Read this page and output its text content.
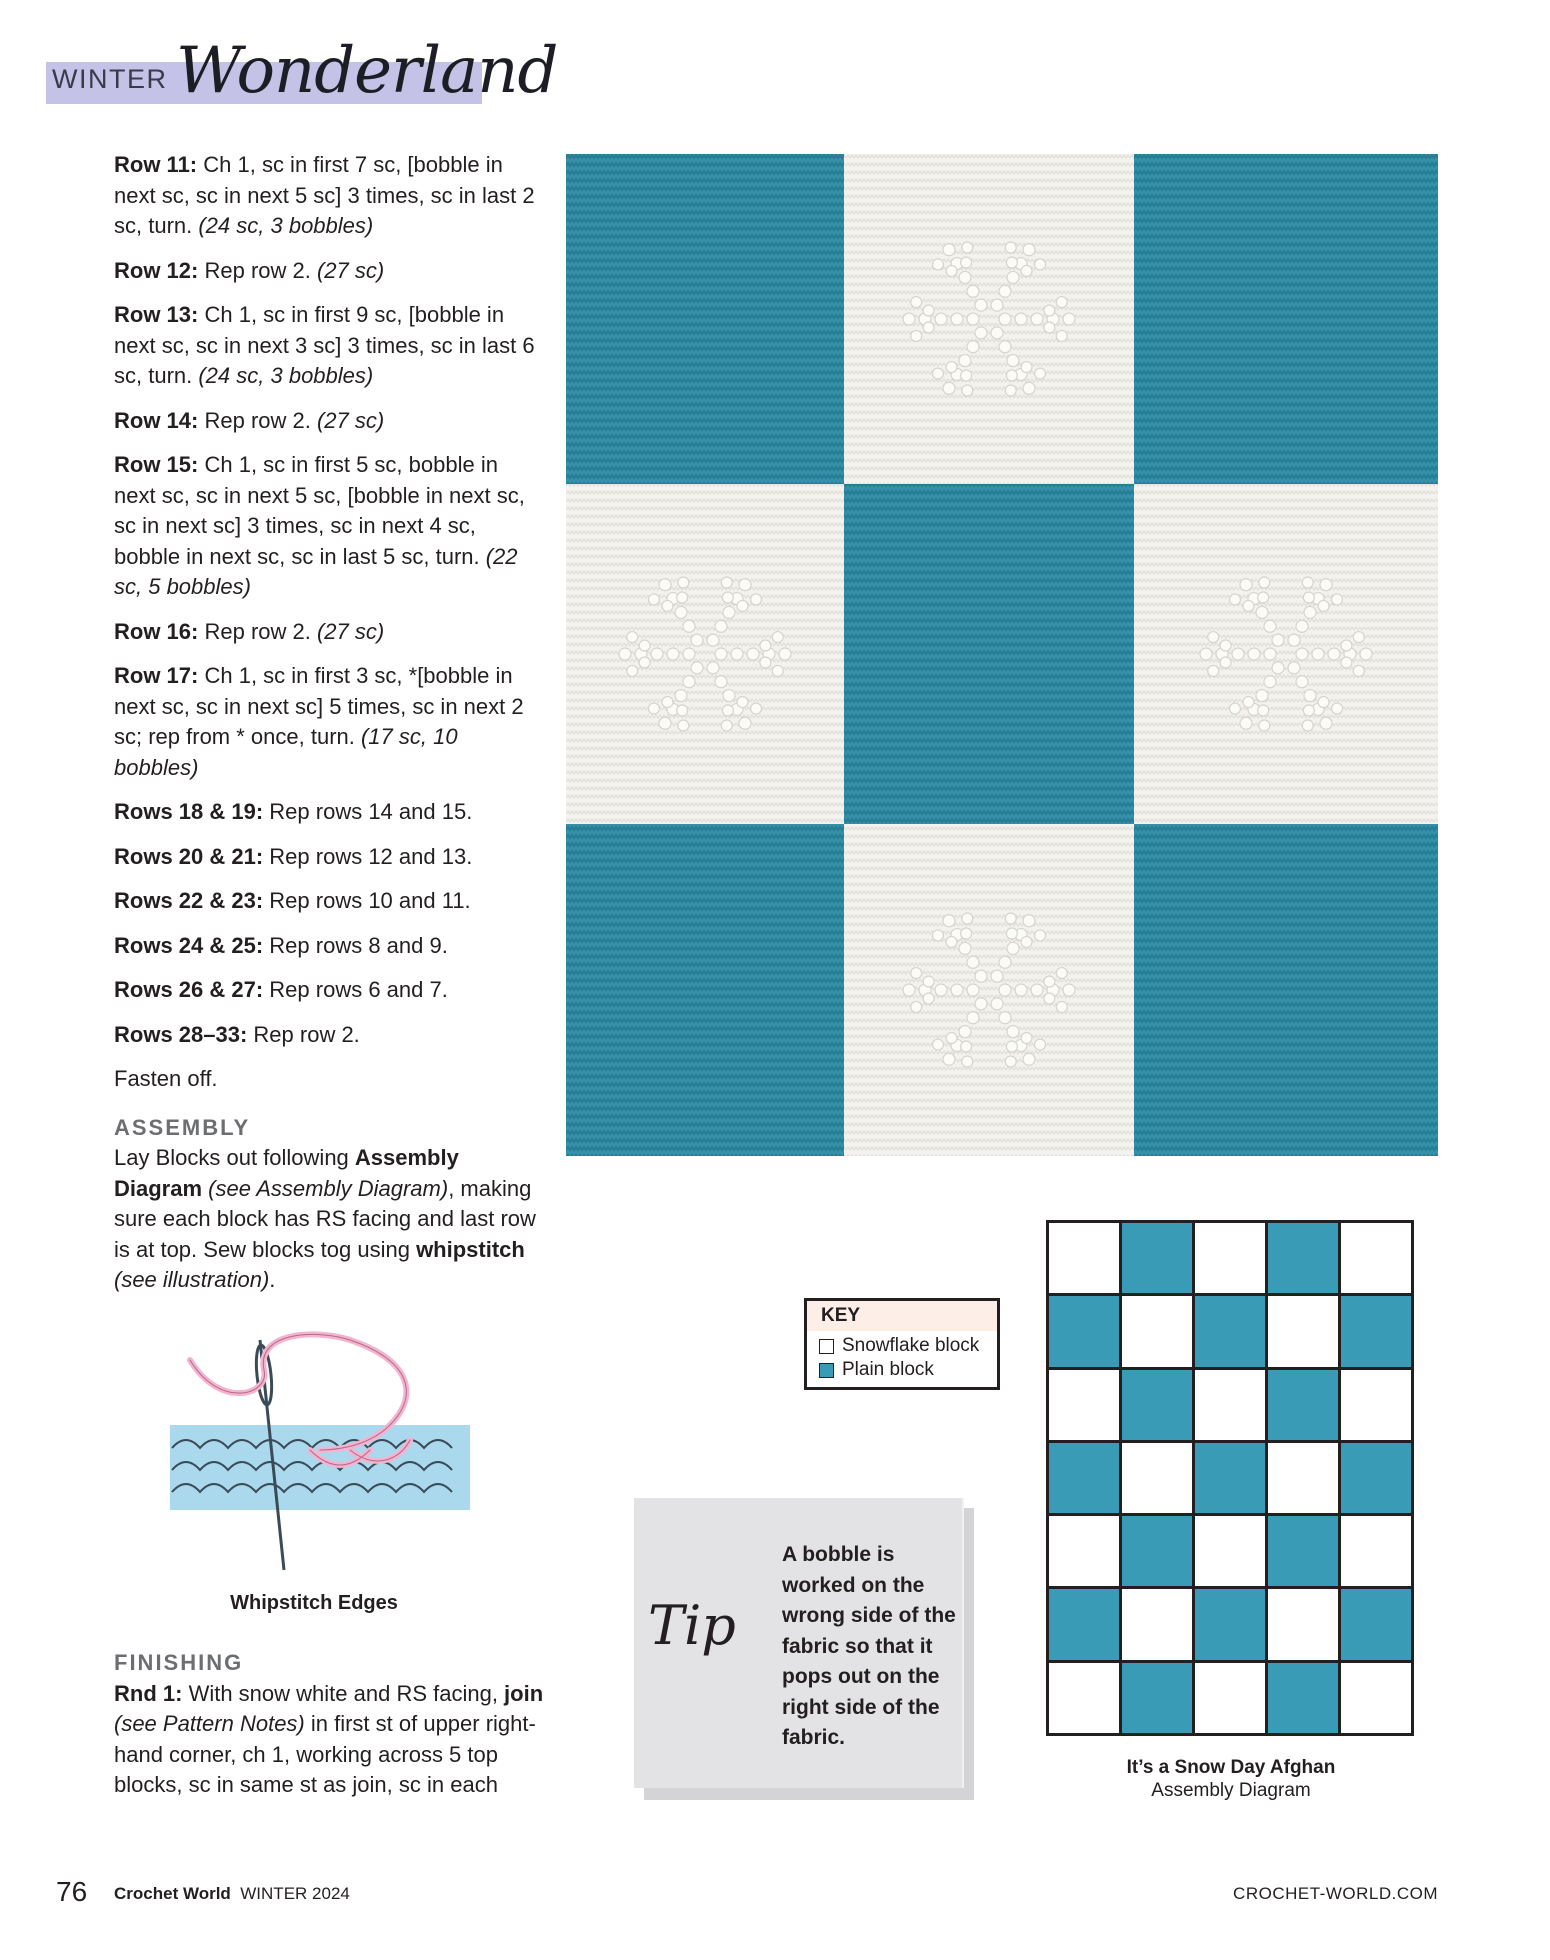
WINTER Wonderland

Row 11: Ch 1, sc in first 7 sc, [bobble in next sc, sc in next 5 sc] 3 times, sc in last 2 sc, turn. (24 sc, 3 bobbles)

Row 12: Rep row 2. (27 sc)

Row 13: Ch 1, sc in first 9 sc, [bobble in next sc, sc in next 3 sc] 3 times, sc in last 6 sc, turn. (24 sc, 3 bobbles)

Row 14: Rep row 2. (27 sc)

Row 15: Ch 1, sc in first 5 sc, bobble in next sc, sc in next 5 sc, [bobble in next sc, sc in next sc] 3 times, sc in next 4 sc, bobble in next sc, sc in last 5 sc, turn. (22 sc, 5 bobbles)

Row 16: Rep row 2. (27 sc)

Row 17: Ch 1, sc in first 3 sc, *[bobble in next sc, sc in next sc] 5 times, sc in next 2 sc; rep from * once, turn. (17 sc, 10 bobbles)

Rows 18 & 19: Rep rows 14 and 15.

Rows 20 & 21: Rep rows 12 and 13.

Rows 22 & 23: Rep rows 10 and 11.

Rows 24 & 25: Rep rows 8 and 9.

Rows 26 & 27: Rep rows 6 and 7.

Rows 28–33: Rep row 2.

Fasten off.

ASSEMBLY

Lay Blocks out following Assembly Diagram (see Assembly Diagram), making sure each block has RS facing and last row is at top. Sew blocks tog using whipstitch (see illustration).

Whipstitch Edges
FINISHING

Rnd 1: With snow white and RS facing, join (see Pattern Notes) in first st of upper right-hand corner, ch 1, working across 5 top blocks, sc in same st as join, sc in each

KEY
Snowflake block
Plain block
Tip
A bobble is worked on the wrong side of the fabric so that it pops out on the right side of the fabric.
It’s a Snow Day Afghan
Assembly Diagram
76 Crochet World WINTER 2024	CROCHET-WORLD.COM
